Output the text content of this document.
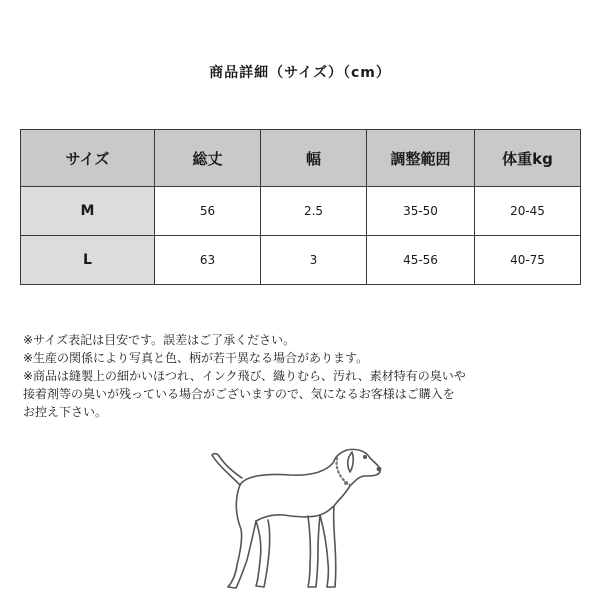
商品詳細（サイズ）（cm）
サイズ	総丈	幅	調整範囲	体重kg
M	56	2.5	35-50	20-45
L	63	3	45-56	40-75

※サイズ表記は目安です。誤差はご了承ください。

※生産の関係により写真と色、柄が若干異なる場合があります。

※商品は縫製上の細かいほつれ、インク飛び、織りむら、汚れ、素材特有の臭いや

接着剤等の臭いが残っている場合がございますので、気になるお客様はご購入を

お控え下さい。
